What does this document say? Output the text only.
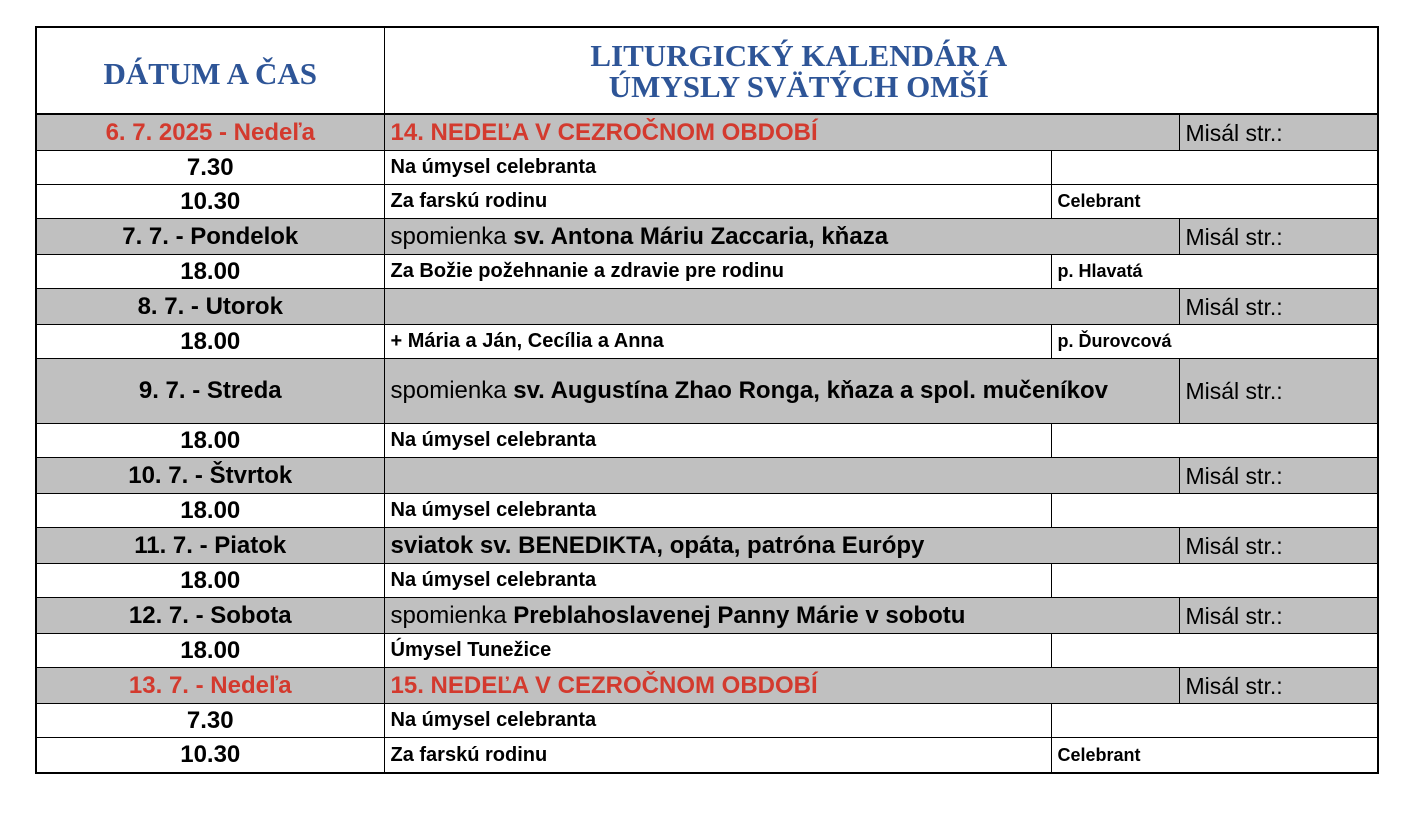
DÁTUM A ČAS	LITURGICKÝ KALENDÁR A
ÚMYSLY SVÄTÝCH OMŠÍ		

6. 7. 2025 - Nedeľa	14. NEDEĽA V CEZROČNOM OBDOBÍ		Misál str.:
7.30	Na úmysel celebranta		
10.30	Za farskú rodinu	Celebrant	
7. 7. - Pondelok	spomienka sv. Antona Máriu Zaccaria, kňaza		Misál str.:
18.00	Za Božie požehnanie a zdravie pre rodinu	p. Hlavatá	
8. 7. - Utorok			Misál str.:
18.00	+ Mária a Ján, Cecília a Anna	p. Ďurovcová	
9. 7. - Streda	spomienka sv. Augustína Zhao Ronga, kňaza a spol. mučeníkov		Misál str.:
18.00	Na úmysel celebranta		
10. 7. - Štvrtok			Misál str.:
18.00	Na úmysel celebranta		
11. 7. - Piatok	sviatok sv. BENEDIKTA, opáta, patróna Európy		Misál str.:
18.00	Na úmysel celebranta		
12. 7. - Sobota	spomienka Preblahoslavenej Panny Márie v sobotu		Misál str.:
18.00	Úmysel Tunežice		
13. 7. - Nedeľa	15. NEDEĽA V CEZROČNOM OBDOBÍ		Misál str.:
7.30	Na úmysel celebranta		
10.30	Za farskú rodinu	Celebrant	
